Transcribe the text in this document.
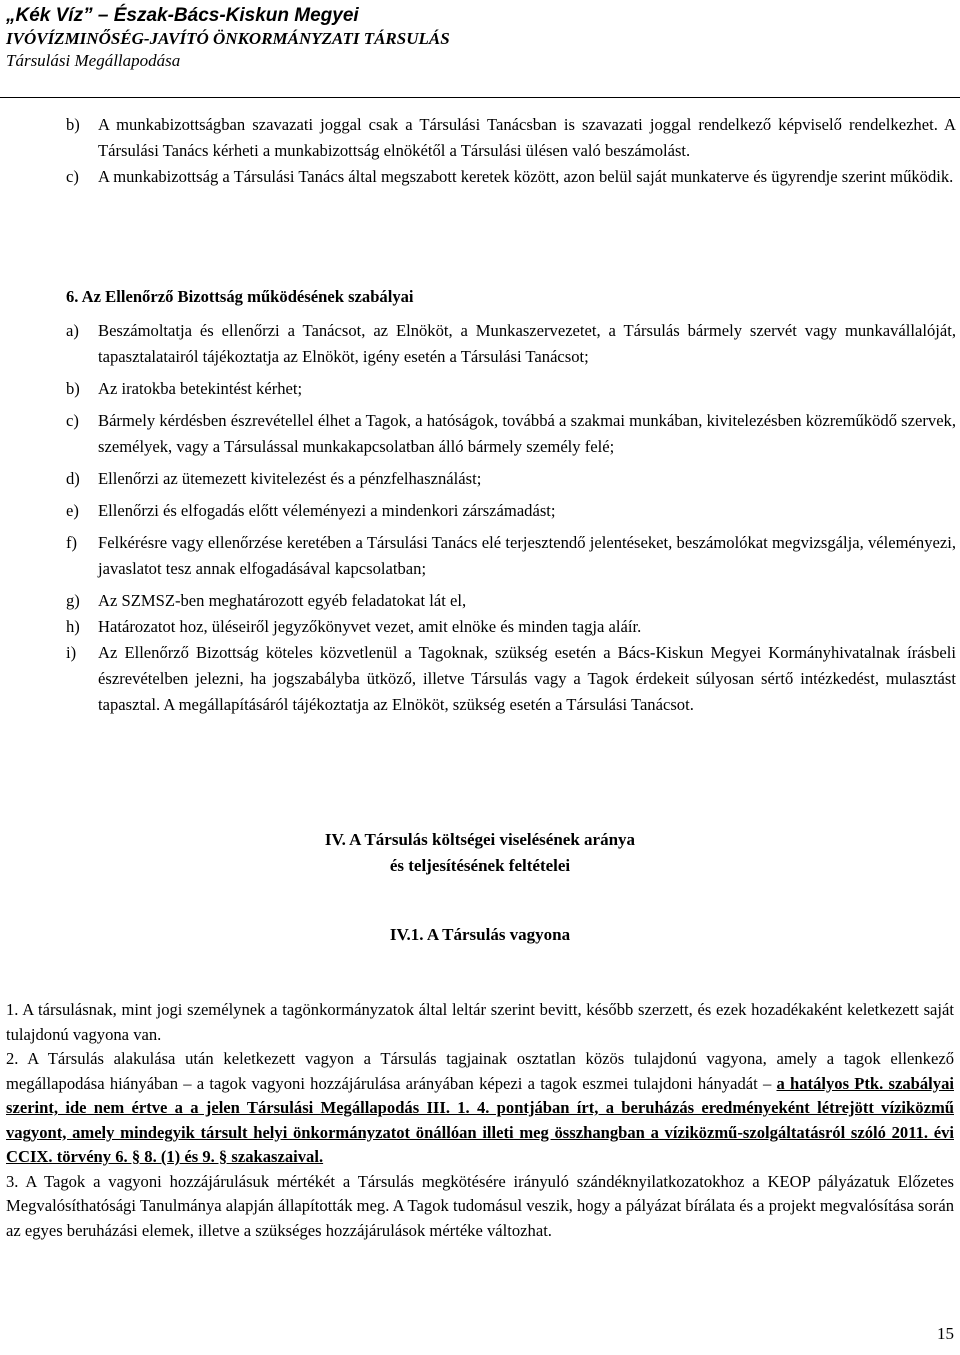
„Kék Víz” – Észak-Bács-Kiskun Megyei
IVÓVÍZMINŐSÉG-JAVÍTÓ ÖNKORMÁNYZATI TÁRSULÁS
Társulási Megállapodása
b)	A munkabizottságban szavazati joggal csak a Társulási Tanácsban is szavazati joggal rendelkező képviselő rendelkezhet. A Társulási Tanács kérheti a munkabizottság elnökétől a Társulási ülésen való beszámolást.
c)	A munkabizottság a Társulási Tanács által megszabott keretek között, azon belül saját munkaterve és ügyrendje szerint működik.
6. Az Ellenőrző Bizottság működésének szabályai
a)	Beszámoltatja és ellenőrzi a Tanácsot, az Elnököt, a Munkaszervezetet, a Társulás bármely szervét vagy munkavállalóját, tapasztalatairól tájékoztatja az Elnököt, igény esetén a Társulási Tanácsot;
b)	Az iratokba betekintést kérhet;
c)	Bármely kérdésben észrevétellel élhet a Tagok, a hatóságok, továbbá a szakmai munkában, kivitelezésben közreműködő szervek, személyek, vagy a Társulással munkakapcsolatban álló bármely személy felé;
d)	Ellenőrzi az ütemezett kivitelezést és a pénzfelhasználást;
e)	Ellenőrzi és elfogadás előtt véleményezi a mindenkori zárszámadást;
f)	Felkérésre vagy ellenőrzése keretében a Társulási Tanács elé terjesztendő jelentéseket, beszámolókat megvizsgálja, véleményezi, javaslatot tesz annak elfogadásával kapcsolatban;
g)	Az SZMSZ-ben meghatározott egyéb feladatokat lát el,
h)	Határozatot hoz, üléseiről jegyzőkönyvet vezet, amit elnöke és minden tagja aláír.
i)	Az Ellenőrző Bizottság köteles közvetlenül a Tagoknak, szükség esetén a Bács-Kiskun Megyei Kormányhivatalnak írásbeli észrevételben jelezni, ha jogszabályba ütköző, illetve Társulás vagy a Tagok érdekeit súlyosan sértő intézkedést, mulasztást tapasztal. A megállapításáról tájékoztatja az Elnököt, szükség esetén a Társulási Tanácsot.
IV. A Társulás költségei viselésének aránya
és teljesítésének feltételei
IV.1. A Társulás vagyona
1. A társulásnak, mint jogi személynek a tagönkormányzatok által leltár szerint bevitt, később szerzett, és ezek hozadékaként keletkezett saját tulajdonú vagyona van.
2. A Társulás alakulása után keletkezett vagyon a Társulás tagjainak osztatlan közös tulajdonú vagyona, amely a tagok ellenkező megállapodása hiányában – a tagok vagyoni hozzájárulása arányában képezi a tagok eszmei tulajdoni hányadát – a hatályos Ptk. szabályai szerint, ide nem értve a a jelen Társulási Megállapodás III. 1. 4. pontjában írt, a beruházás eredményeként létrejött víziközmű vagyont, amely mindegyik társult helyi önkormányzatot önállóan illeti meg összhangban a víziközmű-szolgáltatásról szóló 2011. évi CCIX. törvény 6. § 8. (1) és 9. § szakaszaival.
3. A Tagok a vagyoni hozzájárulásuk mértékét a Társulás megkötésére irányuló szándéknyilatkozatokhoz a KEOP pályázatuk Előzetes Megvalósíthatósági Tanulmánya alapján állapították meg. A Tagok tudomásul veszik, hogy a pályázat bírálata és a projekt megvalósítása során az egyes beruházási elemek, illetve a szükséges hozzájárulások mértéke változhat.
15
